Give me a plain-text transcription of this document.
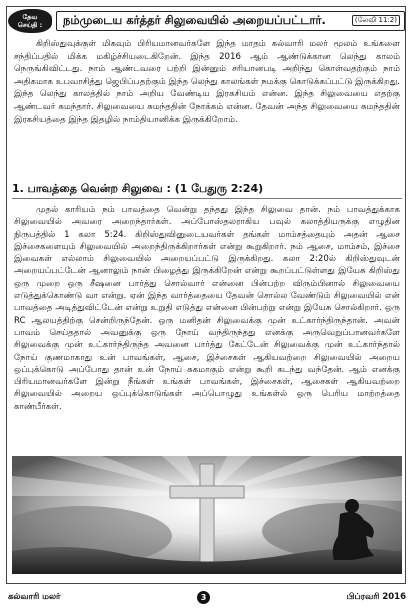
தேவ
செய்தி : நம்முடைய கர்த்தர் சிலுவையில் அறையப்பட்டார்.	(லேவி 11:2)

கிறிஸ்துவுக்குள் மிகவும் பிரியமானவர்களே இந்த மாதம் கல்வாரி மலர் மூலம் உங்களை சந்திப்பதில் மிக்க மகிழ்ச்சியடைகிறேன். இந்த 2016 ஆம் ஆண்டுக்கான லெந்து காலம் நெருங்கிவிட்டது. நாம் ஆண்டவரை பற்றி இன்னும் சரியானபடி அறிந்து கொள்வதற்கும் நாம் அதிகமாக உபவாசித்து ஜெபிப்பதற்கும் இந்த லெந்து காலங்கள் நமக்கு கொடுக்கப்பட்டு இருக்கிறது. இந்த லெந்து காலத்தில் நாம் அறிய வேண்டிய இரகசியம் என்ன. இந்த சிலுவையை எதற்கு ஆண்டவர் சுமந்தார். சிலுவையை சுமந்ததின் நோக்கம் என்ன. தேவன் அந்த சிலுவையை சுமந்ததின் இரகசியத்தை இந்த இதழில் நாம்தியானிக்க இருக்கிறோம்.

1. பாவத்தை வென்ற சிலுவை : (1 பேதுரு 2:24)

முதல் காரியம் நம் பாவத்தை வென்று தந்தது இந்த சிலுவை தான். நம் பாவத்துக்காக சிலுவையில் அவரை அறைந்தார்கள். அப்போஸ்தலராகிய பவுல் கலாத்தியருக்கு எழுதின நிருபத்தில் 1 கலா 5:24. கிறிஸ்துவினுடையவர்கள் தங்கள் மாம்சத்தையும் அதன் ஆசை இச்சைகளையும் சிலுவையில் அறைந்திருக்கிறார்கள் என்று கூறுகிறார். நம் ஆசை, மாம்சம், இச்சை இவைகள் எல்லாம் சிலுவையில் அறையப்பட்டு இருக்கிறது. கலா 2:20ல் கிறிஸ்துவுடன் அறையப்பட்டேன் ஆனாலும் நான் பிழைத்து இருக்கிறேன் என்று கூறப்பட்டுள்ளது இயேசு கிறிஸ்து ஒரு முறை ஒரு சீஷனை பார்த்து சொல்வார் என்னை பின்பற்ற விரும்பினால் சிலுவையை எடுத்துக்கொண்டு வா என்று. ஏன் இந்த வார்த்தையை தேவன் சொல்ல வேண்டும் சிலுவையில் என் பாவத்தை அடித்துவிட்டேன் என்று உறுதி எடுத்து என்னை பின்பற்று என்று இயேசு சொல்கிறார். ஒரு RC ஆலயத்திற்கு சென்றிருந்தேன். ஒரு மனிதன் சிலுவைக்கு முன் உட்கார்ந்திருந்தான். அவன் பாவம் செய்ததால் அவனுக்கு ஒரு நோய் வந்திருந்தது எனக்கு அருவெறுப்பானவர்களே சிலுவைக்கு முன் உட்கார்ந்திருந்த அவனை பார்த்து கேட்டேன் சிலுவைக்கு முன் உட்கார்ந்தால் நோய் குணமாகாது உன் பாவங்கள், ஆசை, இச்சைகள் ஆகியவற்றை சிலுவையில் அறைய ஒப்புக்கொடு அப்போது தான் உன் நோய் சுகமாகும் என்று கூறி கடந்து வந்தேன். ஆம் எனக்கு பிரியமானவர்களே இன்று நீங்கள் உங்கள் பாவங்கள், இச்சைகள், ஆசைகள் ஆகியவற்றை சிலுவையில் அறைய ஒப்புக்கொடுங்கள் அப்பொழுது உங்கள்ல் ஒரு பெரிய மாற்றத்தை காண்பீர்கள்.

கல்வாரி மலர்	3	பிப்ரவரி 2016
